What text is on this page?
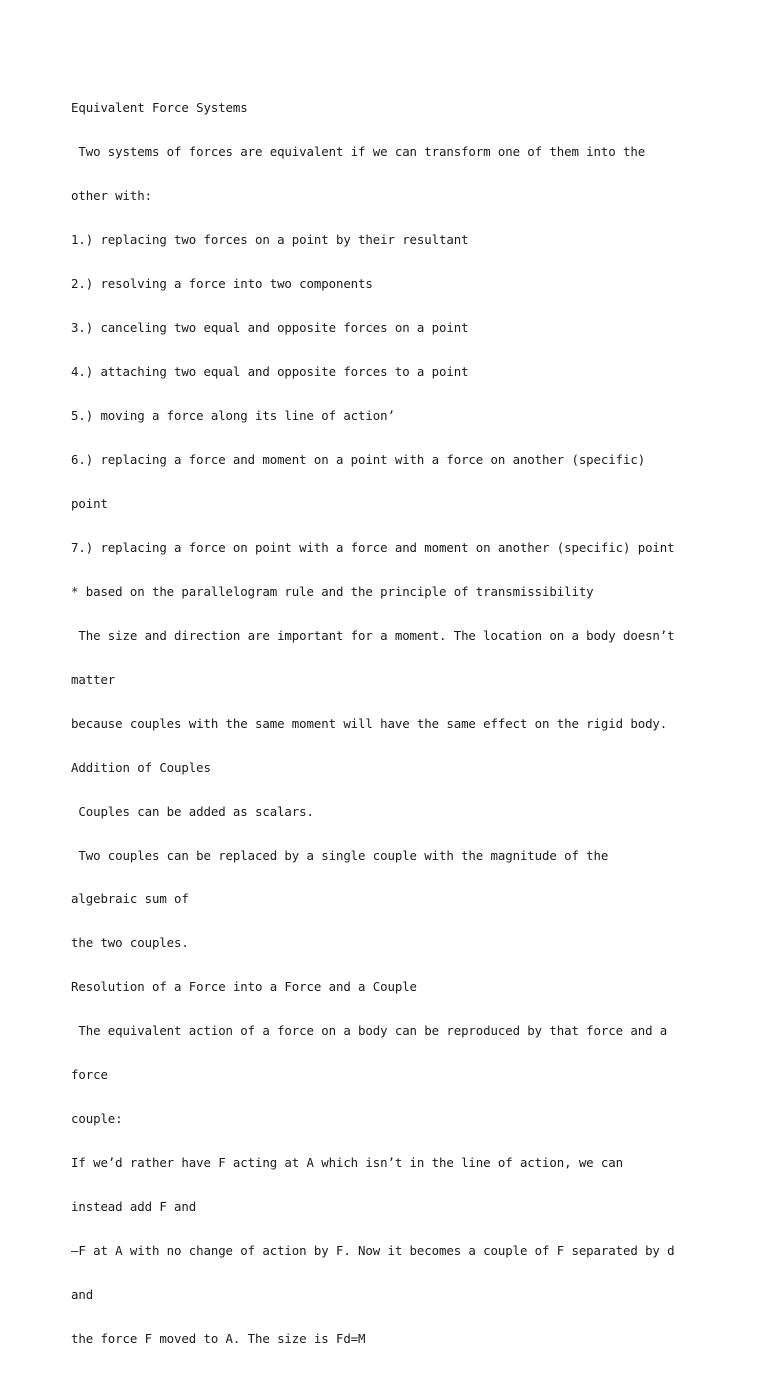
Equivalent Force Systems

Two systems of forces are equivalent if we can transform one of them into the

other with:

1.) replacing two forces on a point by their resultant

2.) resolving a force into two components

3.) canceling two equal and opposite forces on a point

4.) attaching two equal and opposite forces to a point

5.) moving a force along its line of action’

6.) replacing a force and moment on a point with a force on another (specific)

point

7.) replacing a force on point with a force and moment on another (specific) point

* based on the parallelogram rule and the principle of transmissibility

The size and direction are important for a moment. The location on a body doesn’t

matter

because couples with the same moment will have the same effect on the rigid body.

Addition of Couples

Couples can be added as scalars.

Two couples can be replaced by a single couple with the magnitude of the

algebraic sum of

the two couples.

Resolution of a Force into a Force and a Couple

The equivalent action of a force on a body can be reproduced by that force and a

force

couple:

If we’d rather have F acting at A which isn’t in the line of action, we can

instead add F and

–F at A with no change of action by F. Now it becomes a couple of F separated by d

and

the force F moved to A. The size is Fd=M
